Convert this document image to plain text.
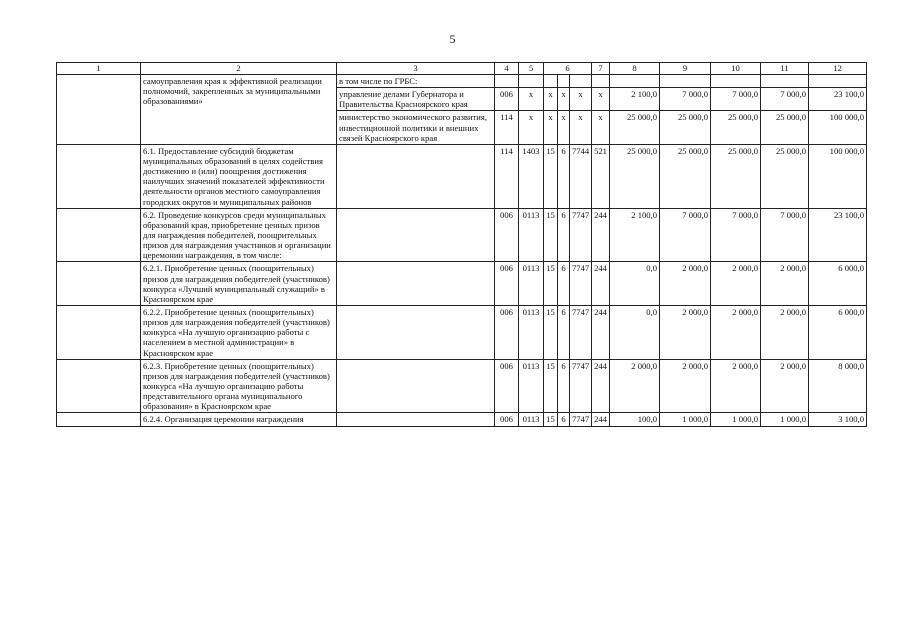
5
1	2	3	4	5	6			7	8	9	10	11	12
	самоуправления края к эффективной реализации полномочий, закрепленных за муниципальными образованиями»	в том числе по ГРБС:											
		управление делами Губернатора и Правительства Красноярского края	006	х	х	х	х	х	2 100,0	7 000,0	7 000,0	7 000,0	23 100,0
		министерство экономического развития, инвестиционной политики и внешних связей Красноярского края	114	х	х	х	х	х	25 000,0	25 000,0	25 000,0	25 000,0	100 000,0
	6.1. Предоставление субсидий бюджетам муниципальных образований в целях содействия достижению и (или) поощрения достижения наилучших значений показателей эффективности деятельности органов местного самоуправления городских округов и муниципальных районов		114	1403	15	6	7744	521	25 000,0	25 000,0	25 000,0	25 000,0	100 000,0
	6.2. Проведение конкурсов среди муниципальных образований края, приобретение ценных призов для награждения победителей, поощрительных призов для награждения участников и организации церемонии награждения, в том числе:		006	0113	15	6	7747	244	2 100,0	7 000,0	7 000,0	7 000,0	23 100,0
	6.2.1. Приобретение ценных (поощрительных) призов для награждения победителей (участников) конкурса «Лучший муниципальный служащий» в Красноярском крае		006	0113	15	6	7747	244	0,0	2 000,0	2 000,0	2 000,0	6 000,0
	6.2.2. Приобретение ценных (поощрительных) призов для награждения победителей (участников) конкурса «На лучшую организацию работы с населением в местной администрации» в Красноярском крае		006	0113	15	6	7747	244	0,0	2 000,0	2 000,0	2 000,0	6 000,0
	6.2.3. Приобретение ценных (поощрительных) призов для награждения победителей (участников) конкурса «На лучшую организацию работы представительного органа муниципального образования» в Красноярском крае		006	0113	15	6	7747	244	2 000,0	2 000,0	2 000,0	2 000,0	8 000,0
	6.2.4. Организация церемонии награждения		006	0113	15	6	7747	244	100,0	1 000,0	1 000,0	1 000,0	3 100,0
